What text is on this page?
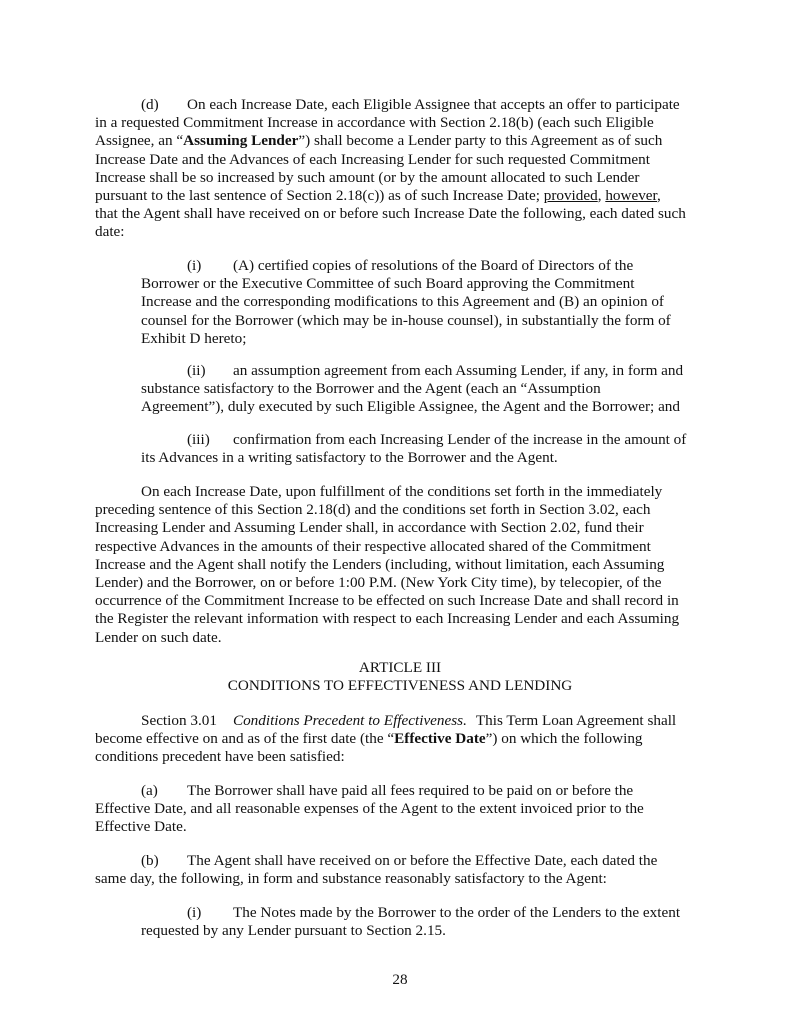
(d) On each Increase Date, each Eligible Assignee that accepts an offer to participate
in a requested Commitment Increase in accordance with Section 2.18(b) (each such Eligible
Assignee, an “Assuming Lender”) shall become a Lender party to this Agreement as of such
Increase Date and the Advances of each Increasing Lender for such requested Commitment
Increase shall be so increased by such amount (or by the amount allocated to such Lender
pursuant to the last sentence of Section 2.18(c)) as of such Increase Date; provided, however,
that the Agent shall have received on or before such Increase Date the following, each dated such
date:
(i) (A) certified copies of resolutions of the Board of Directors of the
Borrower or the Executive Committee of such Board approving the Commitment
Increase and the corresponding modifications to this Agreement and (B) an opinion of
counsel for the Borrower (which may be in-house counsel), in substantially the form of
Exhibit D hereto;
(ii) an assumption agreement from each Assuming Lender, if any, in form and
substance satisfactory to the Borrower and the Agent (each an “Assumption
Agreement”), duly executed by such Eligible Assignee, the Agent and the Borrower; and
(iii) confirmation from each Increasing Lender of the increase in the amount of
its Advances in a writing satisfactory to the Borrower and the Agent.
On each Increase Date, upon fulfillment of the conditions set forth in the immediately
preceding sentence of this Section 2.18(d) and the conditions set forth in Section 3.02, each
Increasing Lender and Assuming Lender shall, in accordance with Section 2.02, fund their
respective Advances in the amounts of their respective allocated shared of the Commitment
Increase and the Agent shall notify the Lenders (including, without limitation, each Assuming
Lender) and the Borrower, on or before 1:00 P.M. (New York City time), by telecopier, of the
occurrence of the Commitment Increase to be effected on such Increase Date and shall record in
the Register the relevant information with respect to each Increasing Lender and each Assuming
Lender on such date.
ARTICLE III
CONDITIONS TO EFFECTIVENESS AND LENDING
Section 3.01 Conditions Precedent to Effectiveness. This Term Loan Agreement shall
become effective on and as of the first date (the “Effective Date”) on which the following
conditions precedent have been satisfied:
(a) The Borrower shall have paid all fees required to be paid on or before the
Effective Date, and all reasonable expenses of the Agent to the extent invoiced prior to the
Effective Date.
(b) The Agent shall have received on or before the Effective Date, each dated the
same day, the following, in form and substance reasonably satisfactory to the Agent:
(i) The Notes made by the Borrower to the order of the Lenders to the extent
requested by any Lender pursuant to Section 2.15.
28
